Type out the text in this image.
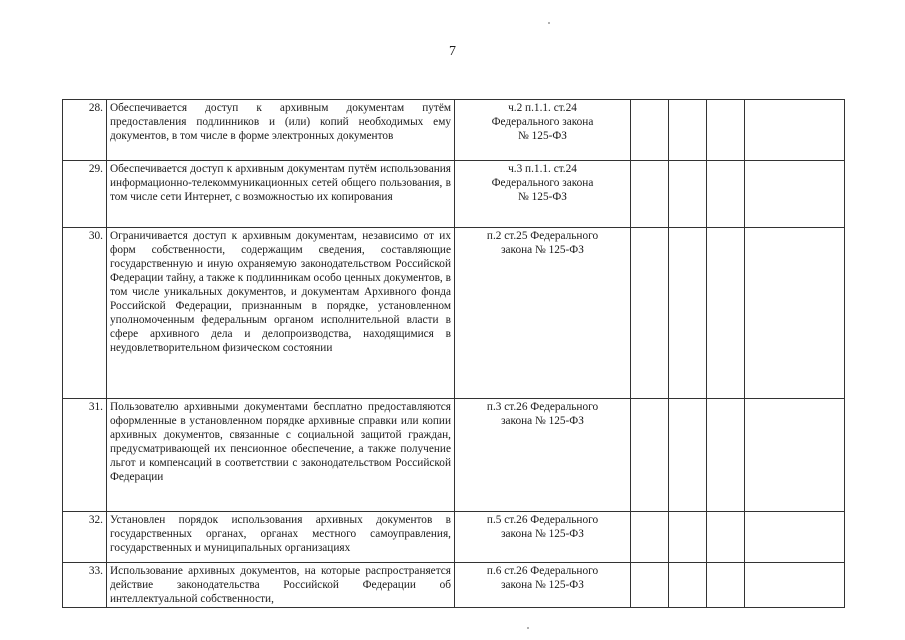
7
28.	Обеспечивается доступ к архивным документам путём предоставления подлинников и (или) копий необходимых ему документов, в том числе в форме электронных документов	ч.2 п.1.1. ст.24
Федерального закона
№ 125-ФЗ				

29.	Обеспечивается доступ к архивным документам путём использования информационно-телекоммуникационных сетей общего пользования, в том числе сети Интернет, с возможностью их копирования	ч.3 п.1.1. ст.24
Федерального закона
№ 125-ФЗ				

30.	Ограничивается доступ к архивным документам, независимо от их форм собственности, содержащим сведения, составляющие государственную и иную охраняемую законодательством Российской Федерации тайну, а также к подлинникам особо ценных документов, в том числе уникальных документов, и документам Архивного фонда Российской Федерации, признанным в порядке, установленном уполномоченным федеральным органом исполнительной власти в сфере архивного дела и делопроизводства, находящимися в неудовлетворительном физическом состоянии	п.2 ст.25 Федерального
закона № 125-ФЗ				

31.	Пользователю архивными документами бесплатно предоставляются оформленные в установленном порядке архивные справки или копии архивных документов, связанные с социальной защитой граждан, предусматривающей их пенсионное обеспечение, а также получение льгот и компенсаций в соответствии с законодательством Российской Федерации	п.3 ст.26 Федерального
закона № 125-ФЗ				

32.	Установлен порядок использования архивных документов в государственных органах, органах местного самоуправления, государственных и муниципальных организациях	п.5 ст.26 Федерального
закона № 125-ФЗ				

33.	Использование архивных документов, на которые распространяется действие законодательства Российской Федерации об интеллектуальной собственности,	п.6 ст.26 Федерального
закона № 125-ФЗ				
